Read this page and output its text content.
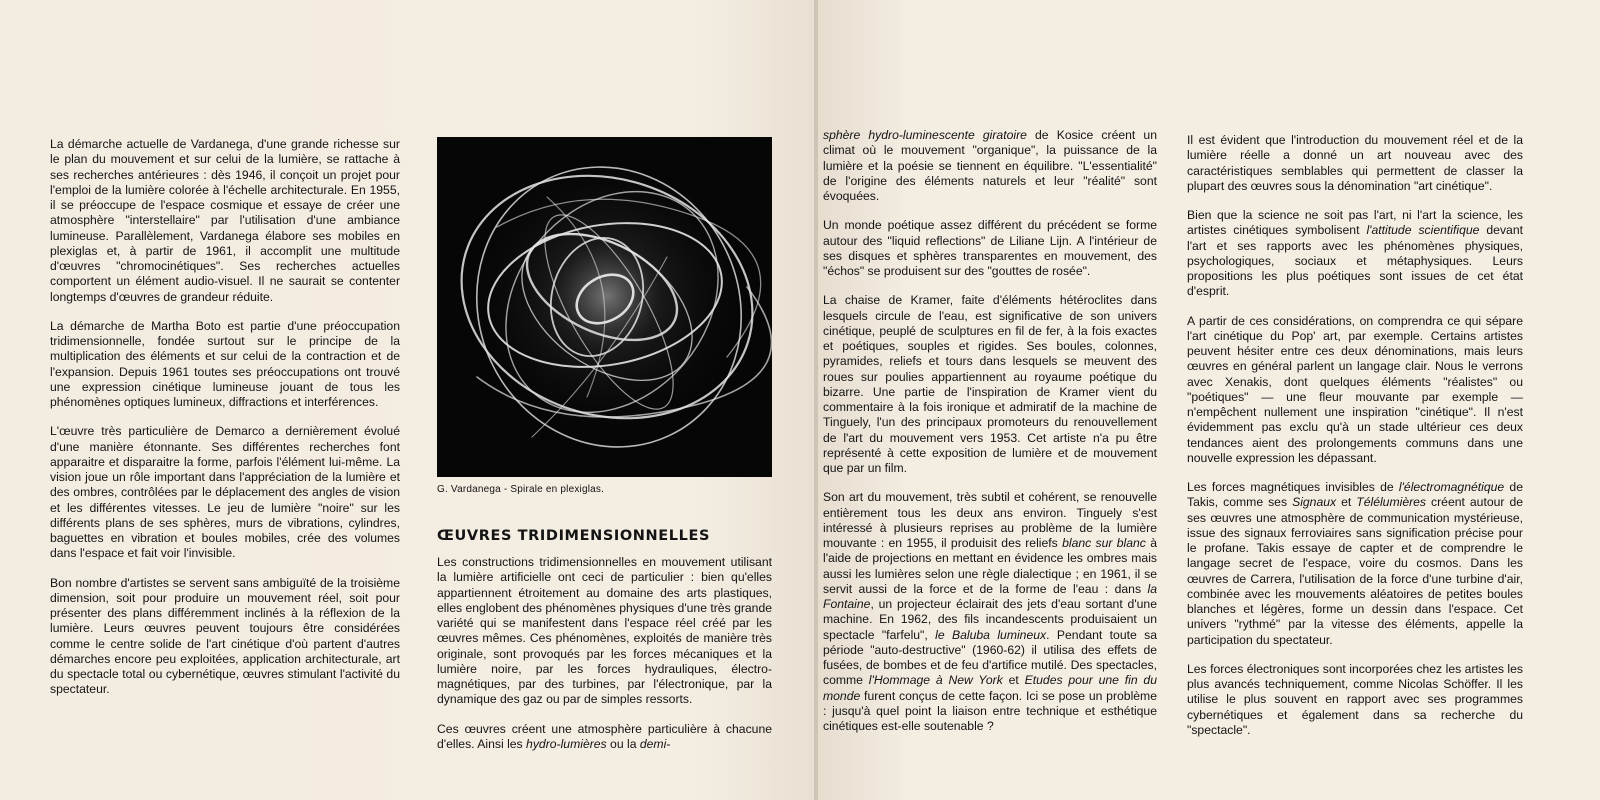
La démarche actuelle de Vardanega, d'une grande richesse sur le plan du mouvement et sur celui de la lumière, se rattache à ses recherches antérieures : dès 1946, il conçoit un projet pour l'emploi de la lumière colorée à l'échelle architecturale. En 1955, il se préoccupe de l'espace cosmique et essaye de créer une atmosphère "interstellaire" par l'utilisation d'une ambiance lumineuse. Parallèlement, Vardanega élabore ses mobiles en plexiglas et, à partir de 1961, il accomplit une multitude d'œuvres "chromocinétiques". Ses recherches actuelles comportent un élément audio-visuel. Il ne saurait se contenter longtemps d'œuvres de grandeur réduite.

La démarche de Martha Boto est partie d'une préoccupation tridimensionnelle, fondée surtout sur le principe de la multiplication des éléments et sur celui de la contraction et de l'expansion. Depuis 1961 toutes ses préoccupations ont trouvé une expression cinétique lumineuse jouant de tous les phénomènes optiques lumineux, diffractions et interférences.

L'œuvre très particulière de Demarco a dernièrement évolué d'une manière étonnante. Ses différentes recherches font apparaitre et disparaitre la forme, parfois l'élément lui-même. La vision joue un rôle important dans l'appréciation de la lumière et des ombres, contrôlées par le déplacement des angles de vision et les différentes vitesses. Le jeu de lumière "noire" sur les différents plans de ses sphères, murs de vibrations, cylindres, baguettes en vibration et boules mobiles, crée des volumes dans l'espace et fait voir l'invisible.

Bon nombre d'artistes se servent sans ambiguïté de la troisième dimension, soit pour produire un mouvement réel, soit pour présenter des plans différemment inclinés à la réflexion de la lumière. Leurs œuvres peuvent toujours être considérées comme le centre solide de l'art cinétique d'où partent d'autres démarches encore peu exploitées, application architecturale, art du spectacle total ou cybernétique, œuvres stimulant l'activité du spectateur.

G. Vardanega - Spirale en plexiglas.
ŒUVRES TRIDIMENSIONNELLES

Les constructions tridimensionnelles en mouvement utilisant la lumière artificielle ont ceci de particulier : bien qu'elles appartiennent étroitement au domaine des arts plastiques, elles englobent des phénomènes physiques d'une très grande variété qui se manifestent dans l'espace réel créé par les œuvres mêmes. Ces phénomènes, exploités de manière très originale, sont provoqués par les forces mécaniques et la lumière noire, par les forces hydrauliques, électro-magnétiques, par des turbines, par l'électronique, par la dynamique des gaz ou par de simples ressorts.

Ces œuvres créent une atmosphère particulière à chacune d'elles. Ainsi les hydro-lumières ou la demi-

sphère hydro-luminescente giratoire de Kosice créent un climat où le mouvement "organique", la puissance de la lumière et la poésie se tiennent en équilibre. "L'essentialité" de l'origine des éléments naturels et leur "réalité" sont évoquées.

Un monde poétique assez différent du précédent se forme autour des "liquid reflections" de Liliane Lijn. A l'intérieur de ses disques et sphères transparentes en mouvement, des "échos" se produisent sur des "gouttes de rosée".

La chaise de Kramer, faite d'éléments hétéroclites dans lesquels circule de l'eau, est significative de son univers cinétique, peuplé de sculptures en fil de fer, à la fois exactes et poétiques, souples et rigides. Ses boules, colonnes, pyramides, reliefs et tours dans lesquels se meuvent des roues sur poulies appartiennent au royaume poétique du bizarre. Une partie de l'inspiration de Kramer vient du commentaire à la fois ironique et admiratif de la machine de Tinguely, l'un des principaux promoteurs du renouvellement de l'art du mouvement vers 1953. Cet artiste n'a pu être représenté à cette exposition de lumière et de mouvement que par un film.

Son art du mouvement, très subtil et cohérent, se renouvelle entièrement tous les deux ans environ. Tinguely s'est intéressé à plusieurs reprises au problème de la lumière mouvante : en 1955, il produisit des reliefs blanc sur blanc à l'aide de projections en mettant en évidence les ombres mais aussi les lumières selon une règle dialectique ; en 1961, il se servit aussi de la force et de la forme de l'eau : dans la Fontaine, un projecteur éclairait des jets d'eau sortant d'une machine. En 1962, des fils incandescents produisaient un spectacle "farfelu", le Baluba lumineux. Pendant toute sa période "auto-destructive" (1960-62) il utilisa des effets de fusées, de bombes et de feu d'artifice mutilé. Des spectacles, comme l'Hommage à New York et Etudes pour une fin du monde furent conçus de cette façon. Ici se pose un problème : jusqu'à quel point la liaison entre technique et esthétique cinétiques est-elle soutenable ?

Il est évident que l'introduction du mouvement réel et de la lumière réelle a donné un art nouveau avec des caractéristiques semblables qui permettent de classer la plupart des œuvres sous la dénomination "art cinétique".

Bien que la science ne soit pas l'art, ni l'art la science, les artistes cinétiques symbolisent l'attitude scientifique devant l'art et ses rapports avec les phénomènes physiques, psychologiques, sociaux et métaphysiques. Leurs propositions les plus poétiques sont issues de cet état d'esprit.

A partir de ces considérations, on comprendra ce qui sépare l'art cinétique du Pop' art, par exemple. Certains artistes peuvent hésiter entre ces deux dénominations, mais leurs œuvres en général parlent un langage clair. Nous le verrons avec Xenakis, dont quelques éléments "réalistes" ou "poétiques" — une fleur mouvante par exemple — n'empêchent nullement une inspiration "cinétique". Il n'est évidemment pas exclu qu'à un stade ultérieur ces deux tendances aient des prolongements communs dans une nouvelle expression les dépassant.

Les forces magnétiques invisibles de l'électromagnétique de Takis, comme ses Signaux et Télélumières créent autour de ses œuvres une atmosphère de communication mystérieuse, issue des signaux ferroviaires sans signification précise pour le profane. Takis essaye de capter et de comprendre le langage secret de l'espace, voire du cosmos. Dans les œuvres de Carrera, l'utilisation de la force d'une turbine d'air, combinée avec les mouvements aléatoires de petites boules blanches et légères, forme un dessin dans l'espace. Cet univers "rythmé" par la vitesse des éléments, appelle la participation du spectateur.

Les forces électroniques sont incorporées chez les artistes les plus avancés techniquement, comme Nicolas Schöffer. Il les utilise le plus souvent en rapport avec ses programmes cybernétiques et également dans sa recherche du "spectacle".
